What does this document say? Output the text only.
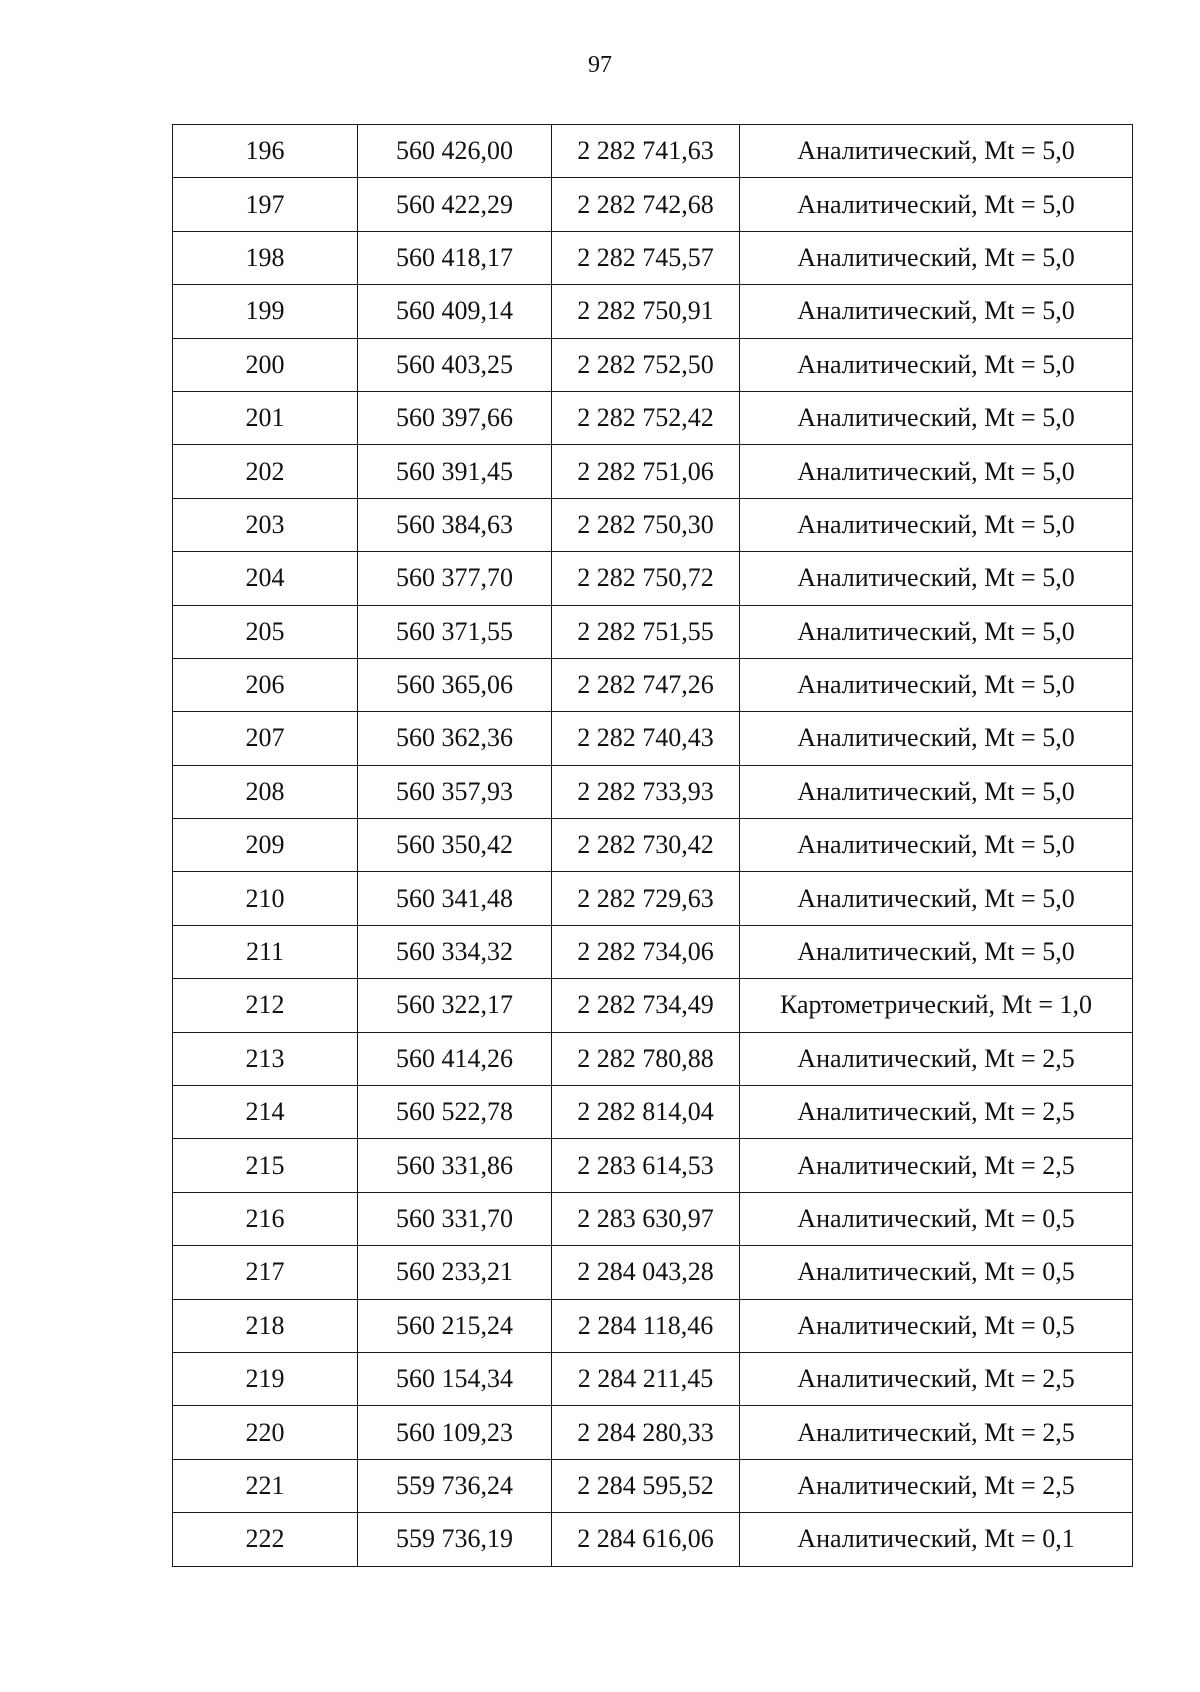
97
196	560 426,00	2 282 741,63	Аналитический, Mt = 5,0
197	560 422,29	2 282 742,68	Аналитический, Mt = 5,0
198	560 418,17	2 282 745,57	Аналитический, Mt = 5,0
199	560 409,14	2 282 750,91	Аналитический, Mt = 5,0
200	560 403,25	2 282 752,50	Аналитический, Mt = 5,0
201	560 397,66	2 282 752,42	Аналитический, Mt = 5,0
202	560 391,45	2 282 751,06	Аналитический, Mt = 5,0
203	560 384,63	2 282 750,30	Аналитический, Mt = 5,0
204	560 377,70	2 282 750,72	Аналитический, Mt = 5,0
205	560 371,55	2 282 751,55	Аналитический, Mt = 5,0
206	560 365,06	2 282 747,26	Аналитический, Mt = 5,0
207	560 362,36	2 282 740,43	Аналитический, Mt = 5,0
208	560 357,93	2 282 733,93	Аналитический, Mt = 5,0
209	560 350,42	2 282 730,42	Аналитический, Mt = 5,0
210	560 341,48	2 282 729,63	Аналитический, Mt = 5,0
211	560 334,32	2 282 734,06	Аналитический, Mt = 5,0
212	560 322,17	2 282 734,49	Картометрический, Mt = 1,0
213	560 414,26	2 282 780,88	Аналитический, Mt = 2,5
214	560 522,78	2 282 814,04	Аналитический, Mt = 2,5
215	560 331,86	2 283 614,53	Аналитический, Mt = 2,5
216	560 331,70	2 283 630,97	Аналитический, Mt = 0,5
217	560 233,21	2 284 043,28	Аналитический, Mt = 0,5
218	560 215,24	2 284 118,46	Аналитический, Mt = 0,5
219	560 154,34	2 284 211,45	Аналитический, Mt = 2,5
220	560 109,23	2 284 280,33	Аналитический, Mt = 2,5
221	559 736,24	2 284 595,52	Аналитический, Mt = 2,5
222	559 736,19	2 284 616,06	Аналитический, Mt = 0,1
